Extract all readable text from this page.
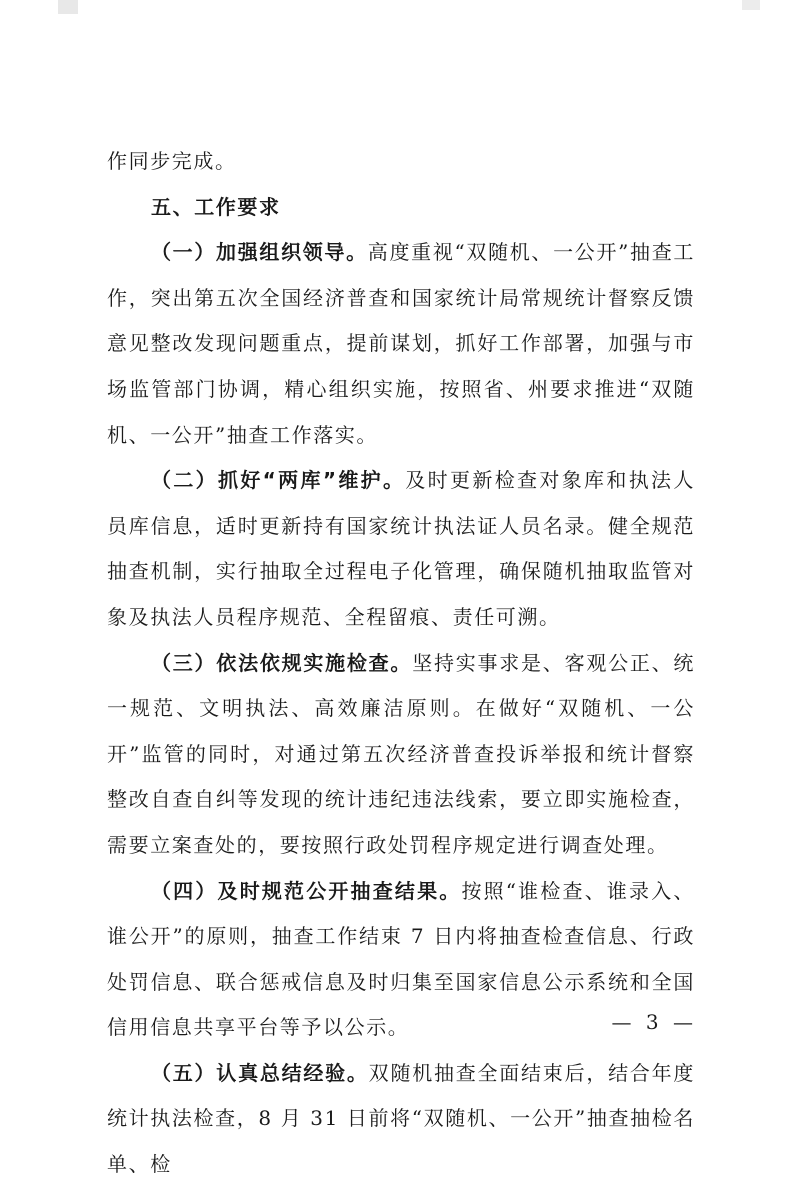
作同步完成。

五、工作要求

（一）加强组织领导。高度重视“双随机、一公开”抽查工作，突出第五次全国经济普查和国家统计局常规统计督察反馈意见整改发现问题重点，提前谋划，抓好工作部署，加强与市场监管部门协调，精心组织实施，按照省、州要求推进“双随机、一公开”抽查工作落实。

（二）抓好“两库”维护。及时更新检查对象库和执法人员库信息，适时更新持有国家统计执法证人员名录。健全规范抽查机制，实行抽取全过程电子化管理，确保随机抽取监管对象及执法人员程序规范、全程留痕、责任可溯。

（三）依法依规实施检查。坚持实事求是、客观公正、统一规范、文明执法、高效廉洁原则。在做好“双随机、一公开”监管的同时，对通过第五次经济普查投诉举报和统计督察整改自查自纠等发现的统计违纪违法线索，要立即实施检查，需要立案查处的，要按照行政处罚程序规定进行调查处理。

（四）及时规范公开抽查结果。按照“谁检查、谁录入、谁公开”的原则，抽查工作结束 7 日内将抽查检查信息、行政处罚信息、联合惩戒信息及时归集至国家信息公示系统和全国信用信息共享平台等予以公示。

（五）认真总结经验。双随机抽查全面结束后，结合年度统计执法检查，8 月 31 日前将“双随机、一公开”抽查抽检名单、检

— 3 —
